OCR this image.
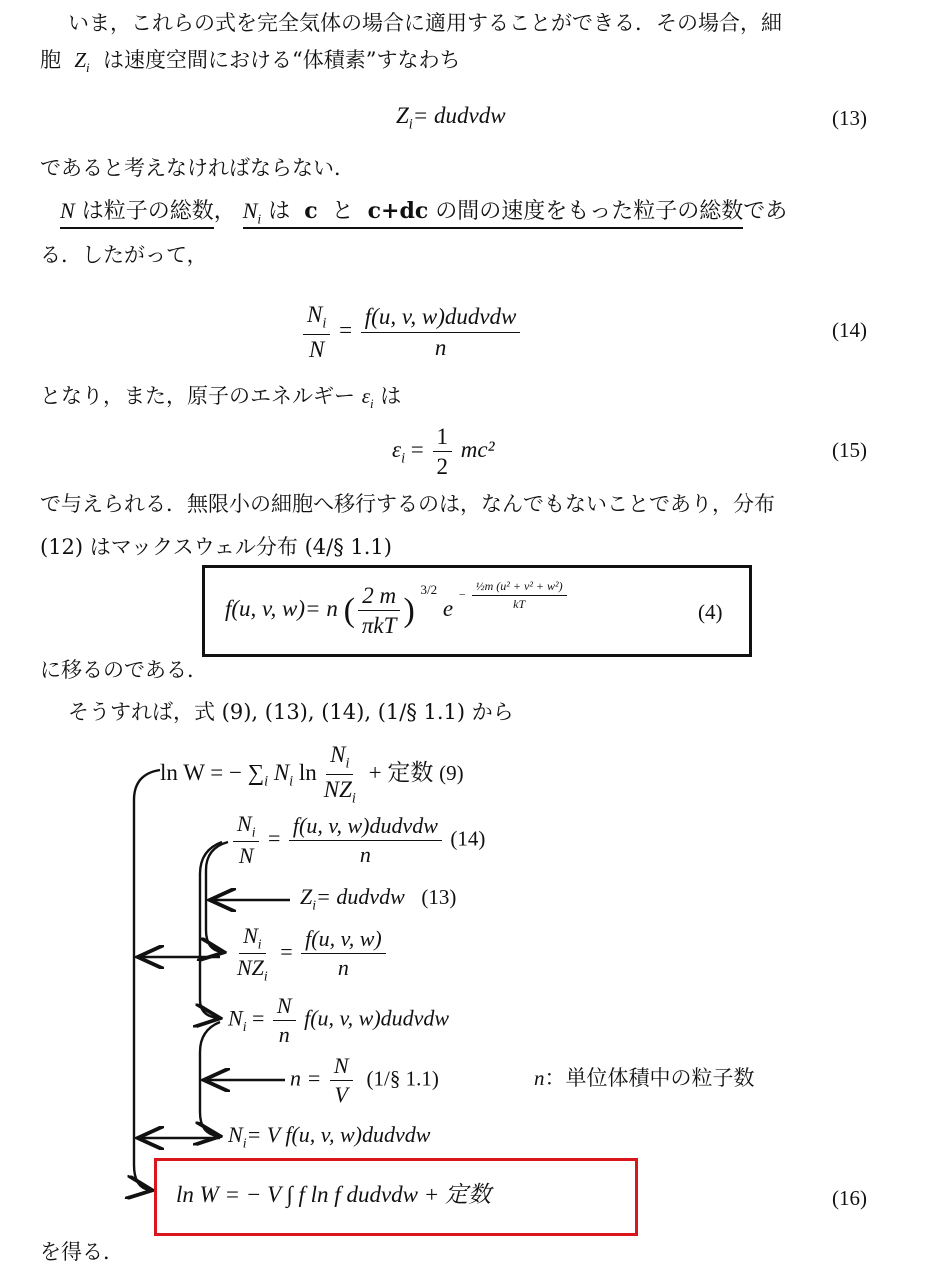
いま，これらの式を完全気体の場合に適用することができる．その場合，細
胞 $Z_i$ は速度空間における“体積素”すなわち
$Z_i=$ dudvdw	(13)
であると考えなければならない．
N は粒子の総数， $N_i$ は c と c+dc の間の速度をもった粒子の総数であ
る．したがって，
$\frac{N_i}{N} = \frac{\text{f(u, v, w)dudvdw}}{n}$	(14)
となり，また，原子のエネルギー $\varepsilon_i$ は
$\varepsilon_i = \frac{1}{2} mc^2$	(15)
で与えられる．無限小の細胞へ移行するのは，なんでもないことであり，分布
(12) はマックスウェル分布 (4/§ 1.1)
f(u, v, w)= n ( $\frac{2 m}{\text{πkT}}$ ) $^{3/2}$ $e - \frac{\text{½m (u² + v² + w²)}}{kT}$
(4)
に移るのである．
そうすれば，式 (9), (13), (14), (1/§ 1.1) から
ln W = − $\sum_i$ $N_i$ $\ln \frac{N_i}{NZ_i}$ + 定数 (9)
$\frac{N_i}{N} = \frac{\text{f(u, v, w)dudvdw}}{n} (14)$
$Z_i=$ dudvdw (13)
$\frac{N_i}{NZ_i} = \frac{f(u, v, w)}{n}$
$N_i = \frac{N}{n} f(u$, v, w)dudvdw
$n = \frac{N}{V}$ (1/§ 1.1)	n：単位体積中の粒子数
$N_i= V$ f(u, v, w)dudvdw
ln W = − V ∫ f ln f dudvdw + 定数	(16)
を得る．
